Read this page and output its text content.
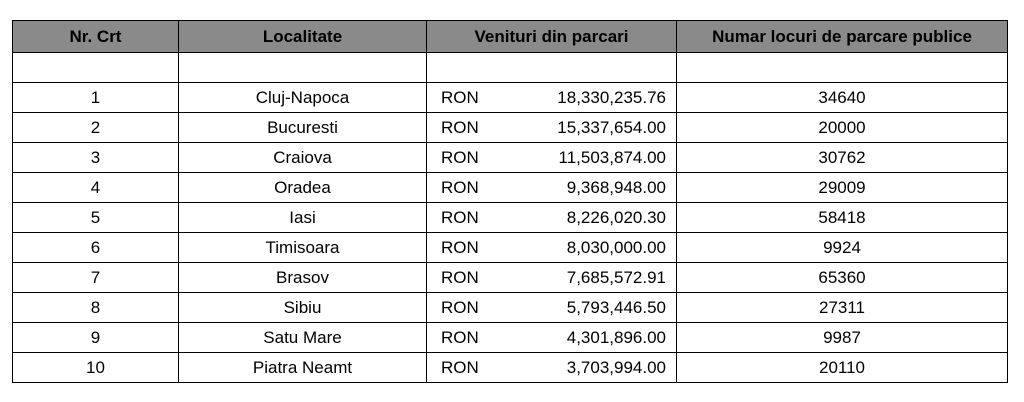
Nr. Crt	Localitate	Venituri din parcari	Numar locuri de parcare publice

1	Cluj-Napoca	RON 18,330,235.76	34640
2	Bucuresti	RON 15,337,654.00	20000
3	Craiova	RON 11,503,874.00	30762
4	Oradea	RON 9,368,948.00	29009
5	Iasi	RON 8,226,020.30	58418
6	Timisoara	RON 8,030,000.00	9924
7	Brasov	RON 7,685,572.91	65360
8	Sibiu	RON 5,793,446.50	27311
9	Satu Mare	RON 4,301,896.00	9987
10	Piatra Neamt	RON 3,703,994.00	20110
